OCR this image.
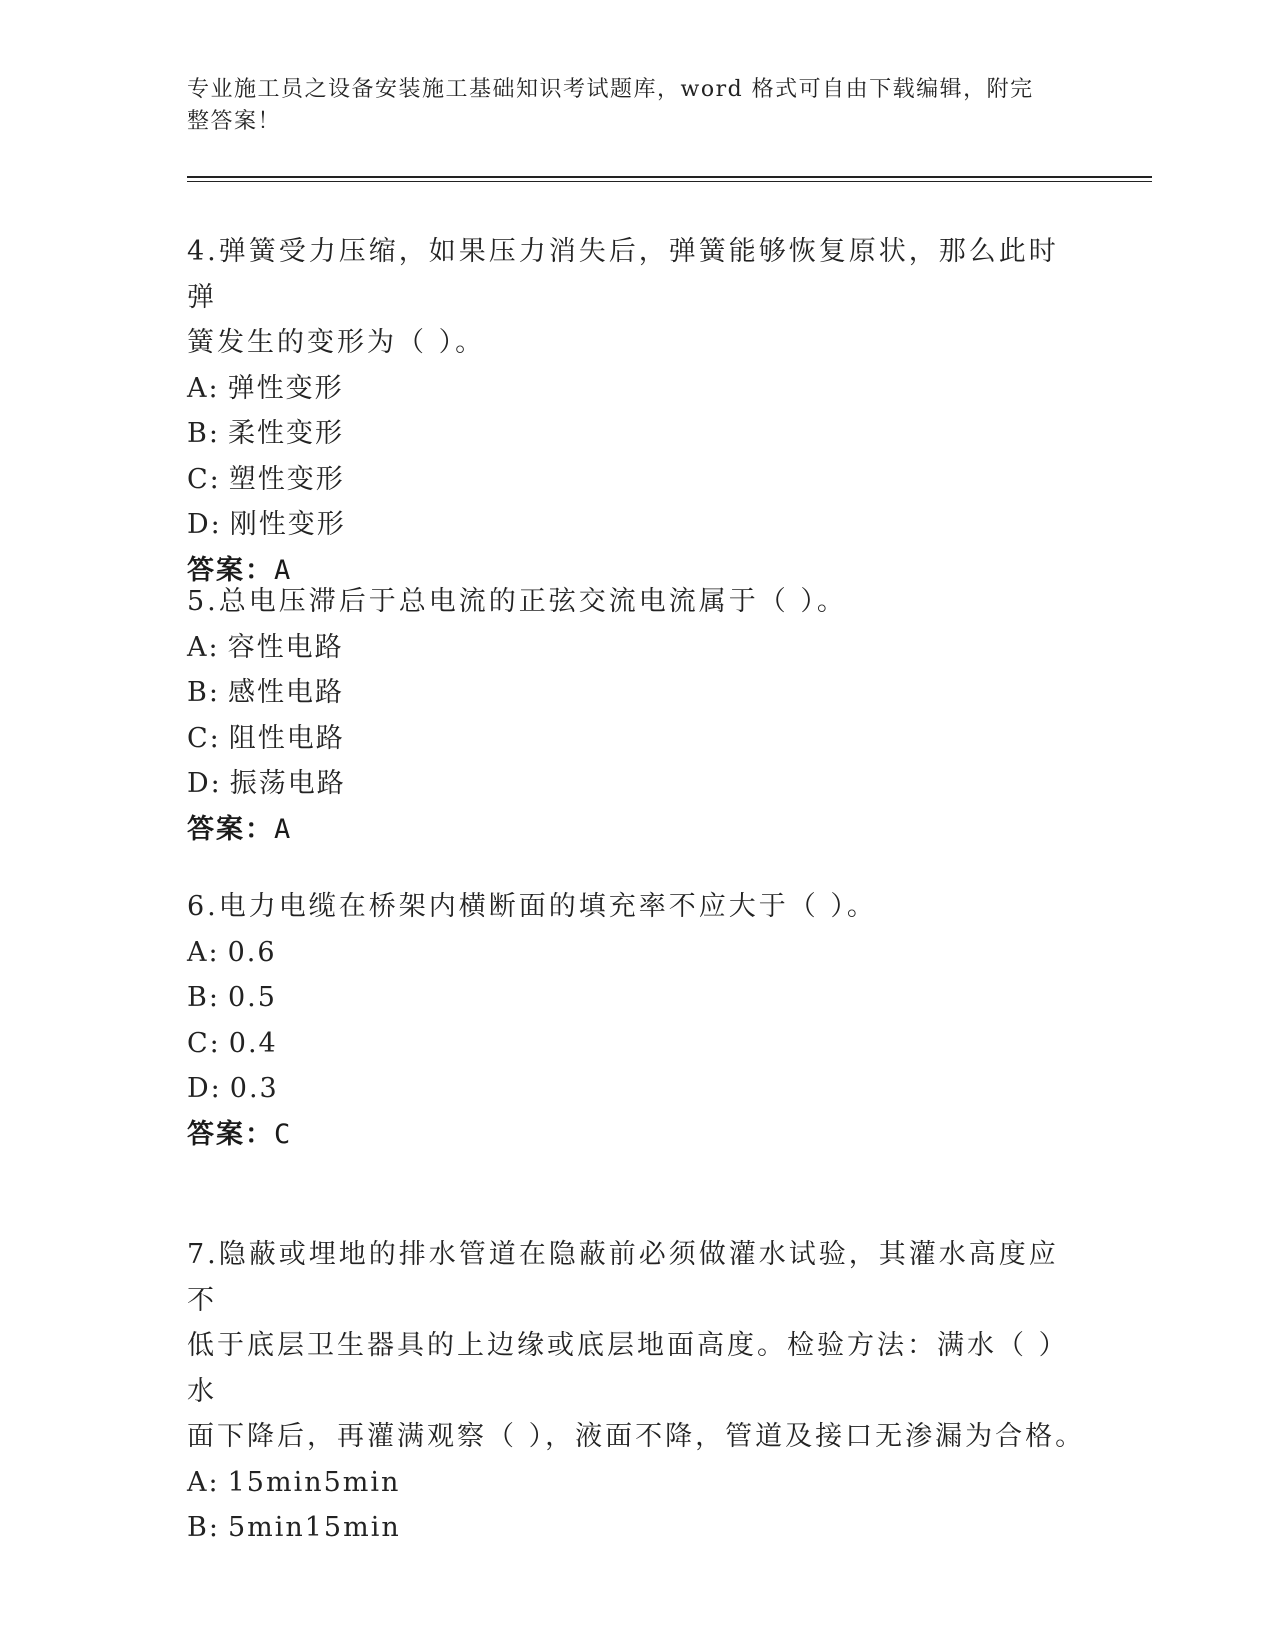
专业施工员之设备安装施工基础知识考试题库，word 格式可自由下载编辑，附完
整答案！

4.弹簧受力压缩，如果压力消失后，弹簧能够恢复原状，那么此时弹

簧发生的变形为（ ）。

A: 弹性变形

B: 柔性变形

C: 塑性变形

D: 刚性变形

答案：A

5.总电压滞后于总电流的正弦交流电流属于（ ）。

A: 容性电路

B: 感性电路

C: 阻性电路

D: 振荡电路

答案：A

6.电力电缆在桥架内横断面的填充率不应大于（ ）。

A: 0.6

B: 0.5

C: 0.4

D: 0.3

答案：C

7.隐蔽或埋地的排水管道在隐蔽前必须做灌水试验，其灌水高度应不

低于底层卫生器具的上边缘或底层地面高度。检验方法：满水（ ）水

面下降后，再灌满观察（ ），液面不降，管道及接口无渗漏为合格。

A: 15min5min

B: 5min15min
